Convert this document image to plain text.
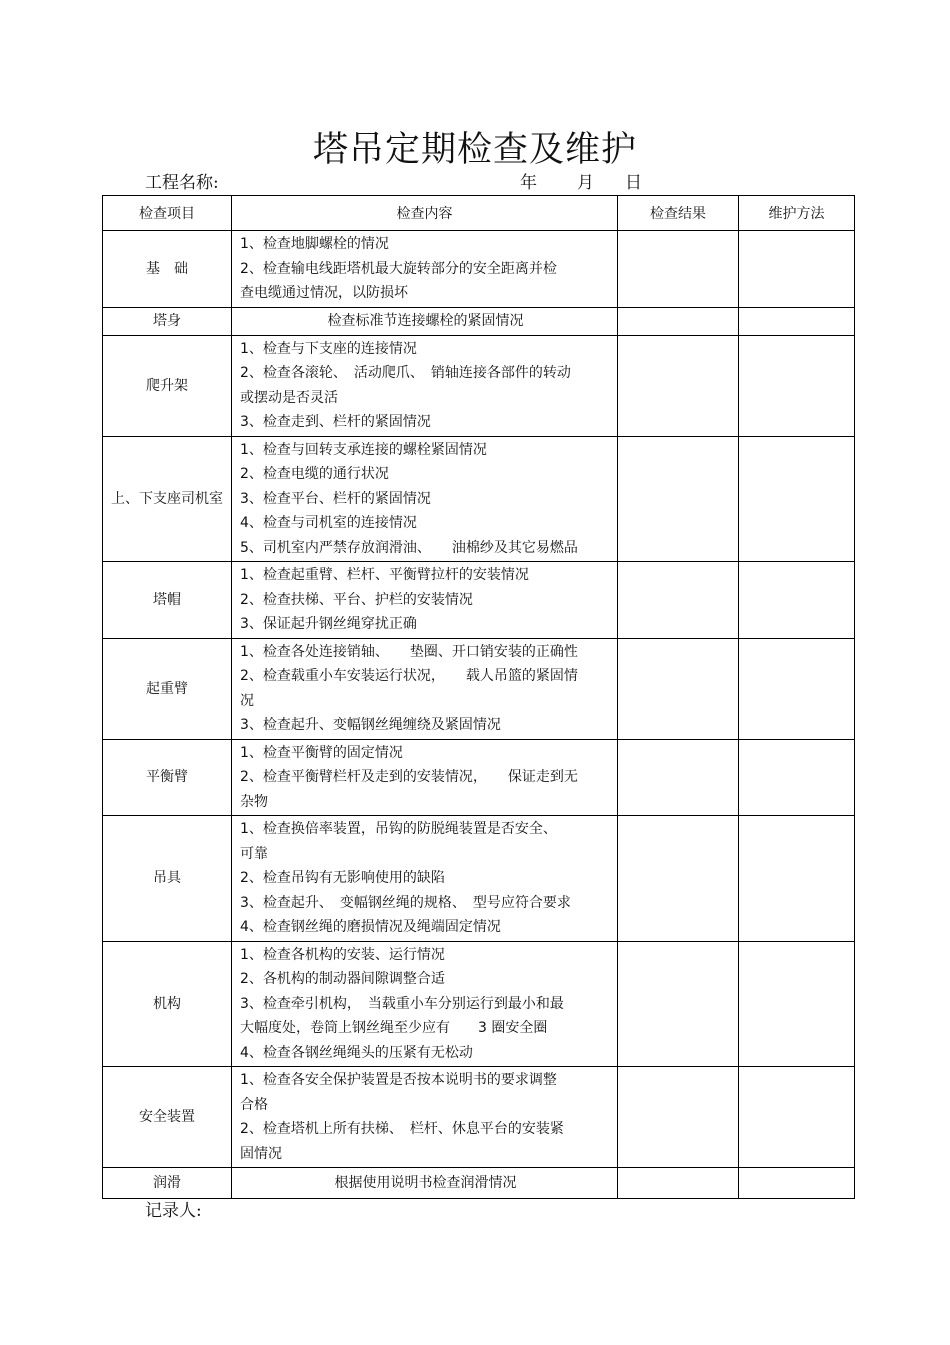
塔吊定期检查及维护
工程名称:	年 月 日
检查项目	检查内容	检查结果	维护方法
基　础	1、检查地脚螺栓的情况
2、检查输电线距塔机最大旋转部分的安全距离并检
查电缆通过情况，以防损坏		

塔身	检查标准节连接螺栓的紧固情况		

爬升架	1、检查与下支座的连接情况
2、检查各滚轮、　活动爬爪、　销轴连接各部件的转动
或摆动是否灵活
3、检查走到、栏杆的紧固情况		

上、下支座司机室	1、检查与回转支承连接的螺栓紧固情况
2、检查电缆的通行状况
3、检查平台、栏杆的紧固情况
4、检查与司机室的连接情况
5、司机室内严禁存放润滑油、　　油棉纱及其它易燃品		

塔帽	1、检查起重臂、栏杆、平衡臂拉杆的安装情况
2、检查扶梯、平台、护栏的安装情况
3、保证起升钢丝绳穿扰正确		

起重臂	1、检查各处连接销轴、　　垫圈、开口销安装的正确性
2、检查载重小车安装运行状况，　　载人吊篮的紧固情
况
3、检查起升、变幅钢丝绳缠绕及紧固情况		

平衡臂	1、检查平衡臂的固定情况
2、检查平衡臂栏杆及走到的安装情况，　　保证走到无
杂物		

吊具	1、检查换倍率装置，吊钩的防脱绳装置是否安全、
可靠
2、检查吊钩有无影响使用的缺陷
3、检查起升、　变幅钢丝绳的规格、　型号应符合要求
4、检查钢丝绳的磨损情况及绳端固定情况		

机构	1、检查各机构的安装、运行情况
2、各机构的制动器间隙调整合适
3、检查牵引机构，　当载重小车分别运行到最小和最
大幅度处，卷筒上钢丝绳至少应有　　3 圈安全圈
4、检查各钢丝绳绳头的压紧有无松动		

安全装置	1、检查各安全保护装置是否按本说明书的要求调整
合格
2、检查塔机上所有扶梯、　栏杆、休息平台的安装紧
固情况		

润滑	根据使用说明书检查润滑情况		

记录人:
